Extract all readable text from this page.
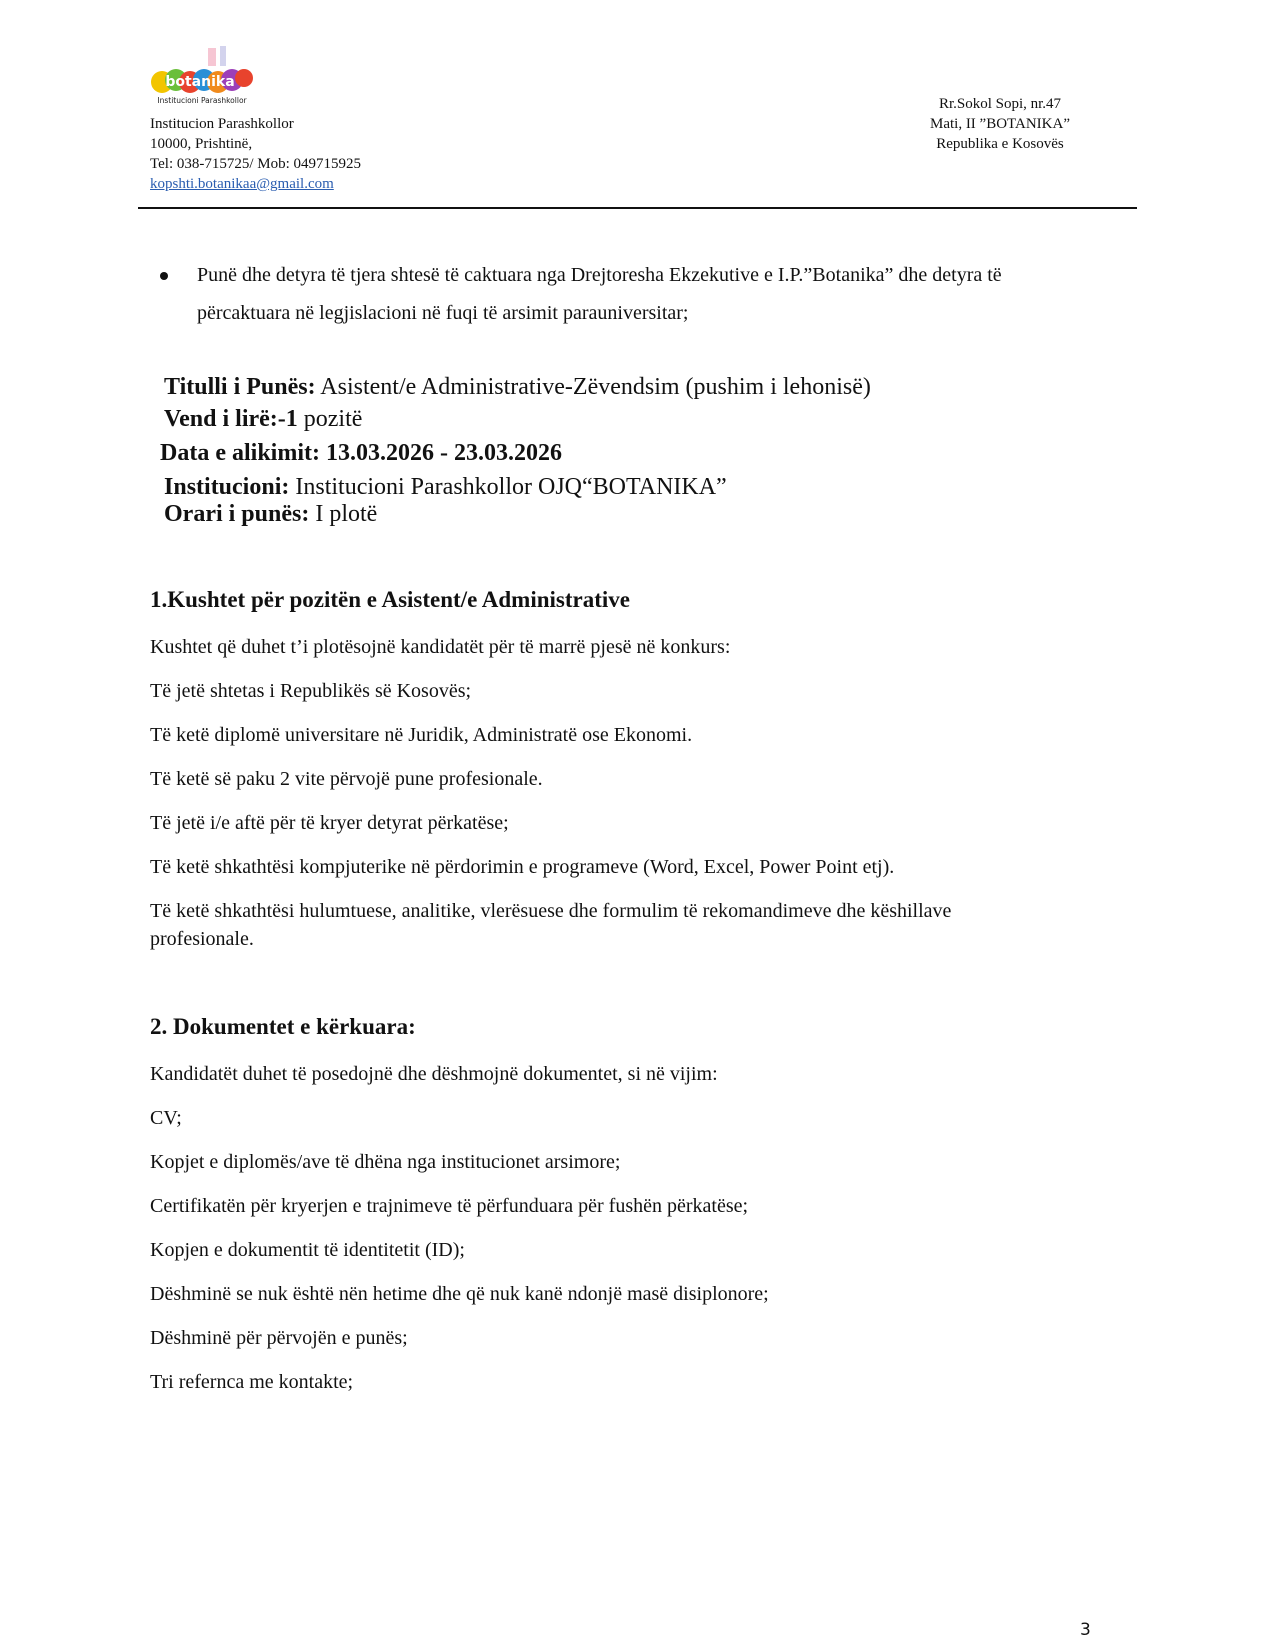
botanika
Institucioni Parashkollor
Institucion Parashkollor
10000, Prishtinë,
Tel: 038-715725/ Mob: 049715925
kopshti.botanikaa@gmail.com
Rr.Sokol Sopi, nr.47
Mati, II ”BOTANIKA”
Republika e Kosovës
Punë dhe detyra të tjera shtesë të caktuara nga Drejtoresha Ekzekutive e I.P.”Botanika” dhe detyra të përcaktuara në legjislacioni në fuqi të arsimit parauniversitar;
Titulli i Punës: Asistent/e Administrative-Zëvendsim (pushim i lehonisë)
Vend i lirë:-1 pozitë
Data e alikimit: 13.03.2026 - 23.03.2026
Institucioni: Institucioni Parashkollor OJQ“BOTANIKA”
Orari i punës: I plotë
1.Kushtet për pozitën e Asistent/e Administrative
Kushtet që duhet t’i plotësojnë kandidatët për të marrë pjesë në konkurs:
Të jetë shtetas i Republikës së Kosovës;
Të ketë diplomë universitare në Juridik, Administratë ose Ekonomi.
Të ketë së paku 2 vite përvojë pune profesionale.
Të jetë i/e aftë për të kryer detyrat përkatëse;
Të ketë shkathtësi kompjuterike në përdorimin e programeve (Word, Excel, Power Point etj).
Të ketë shkathtësi hulumtuese, analitike, vlerësuese dhe formulim të rekomandimeve dhe këshillave profesionale.
2. Dokumentet e kërkuara:
Kandidatët duhet të posedojnë dhe dëshmojnë dokumentet, si në vijim:
CV;
Kopjet e diplomës/ave të dhëna nga institucionet arsimore;
Certifikatën për kryerjen e trajnimeve të përfunduara për fushën përkatëse;
Kopjen e dokumentit të identitetit (ID);
Dëshminë se nuk është nën hetime dhe që nuk kanë ndonjë masë disiplonore;
Dëshminë për përvojën e punës;
Tri refernca me kontakte;
3
